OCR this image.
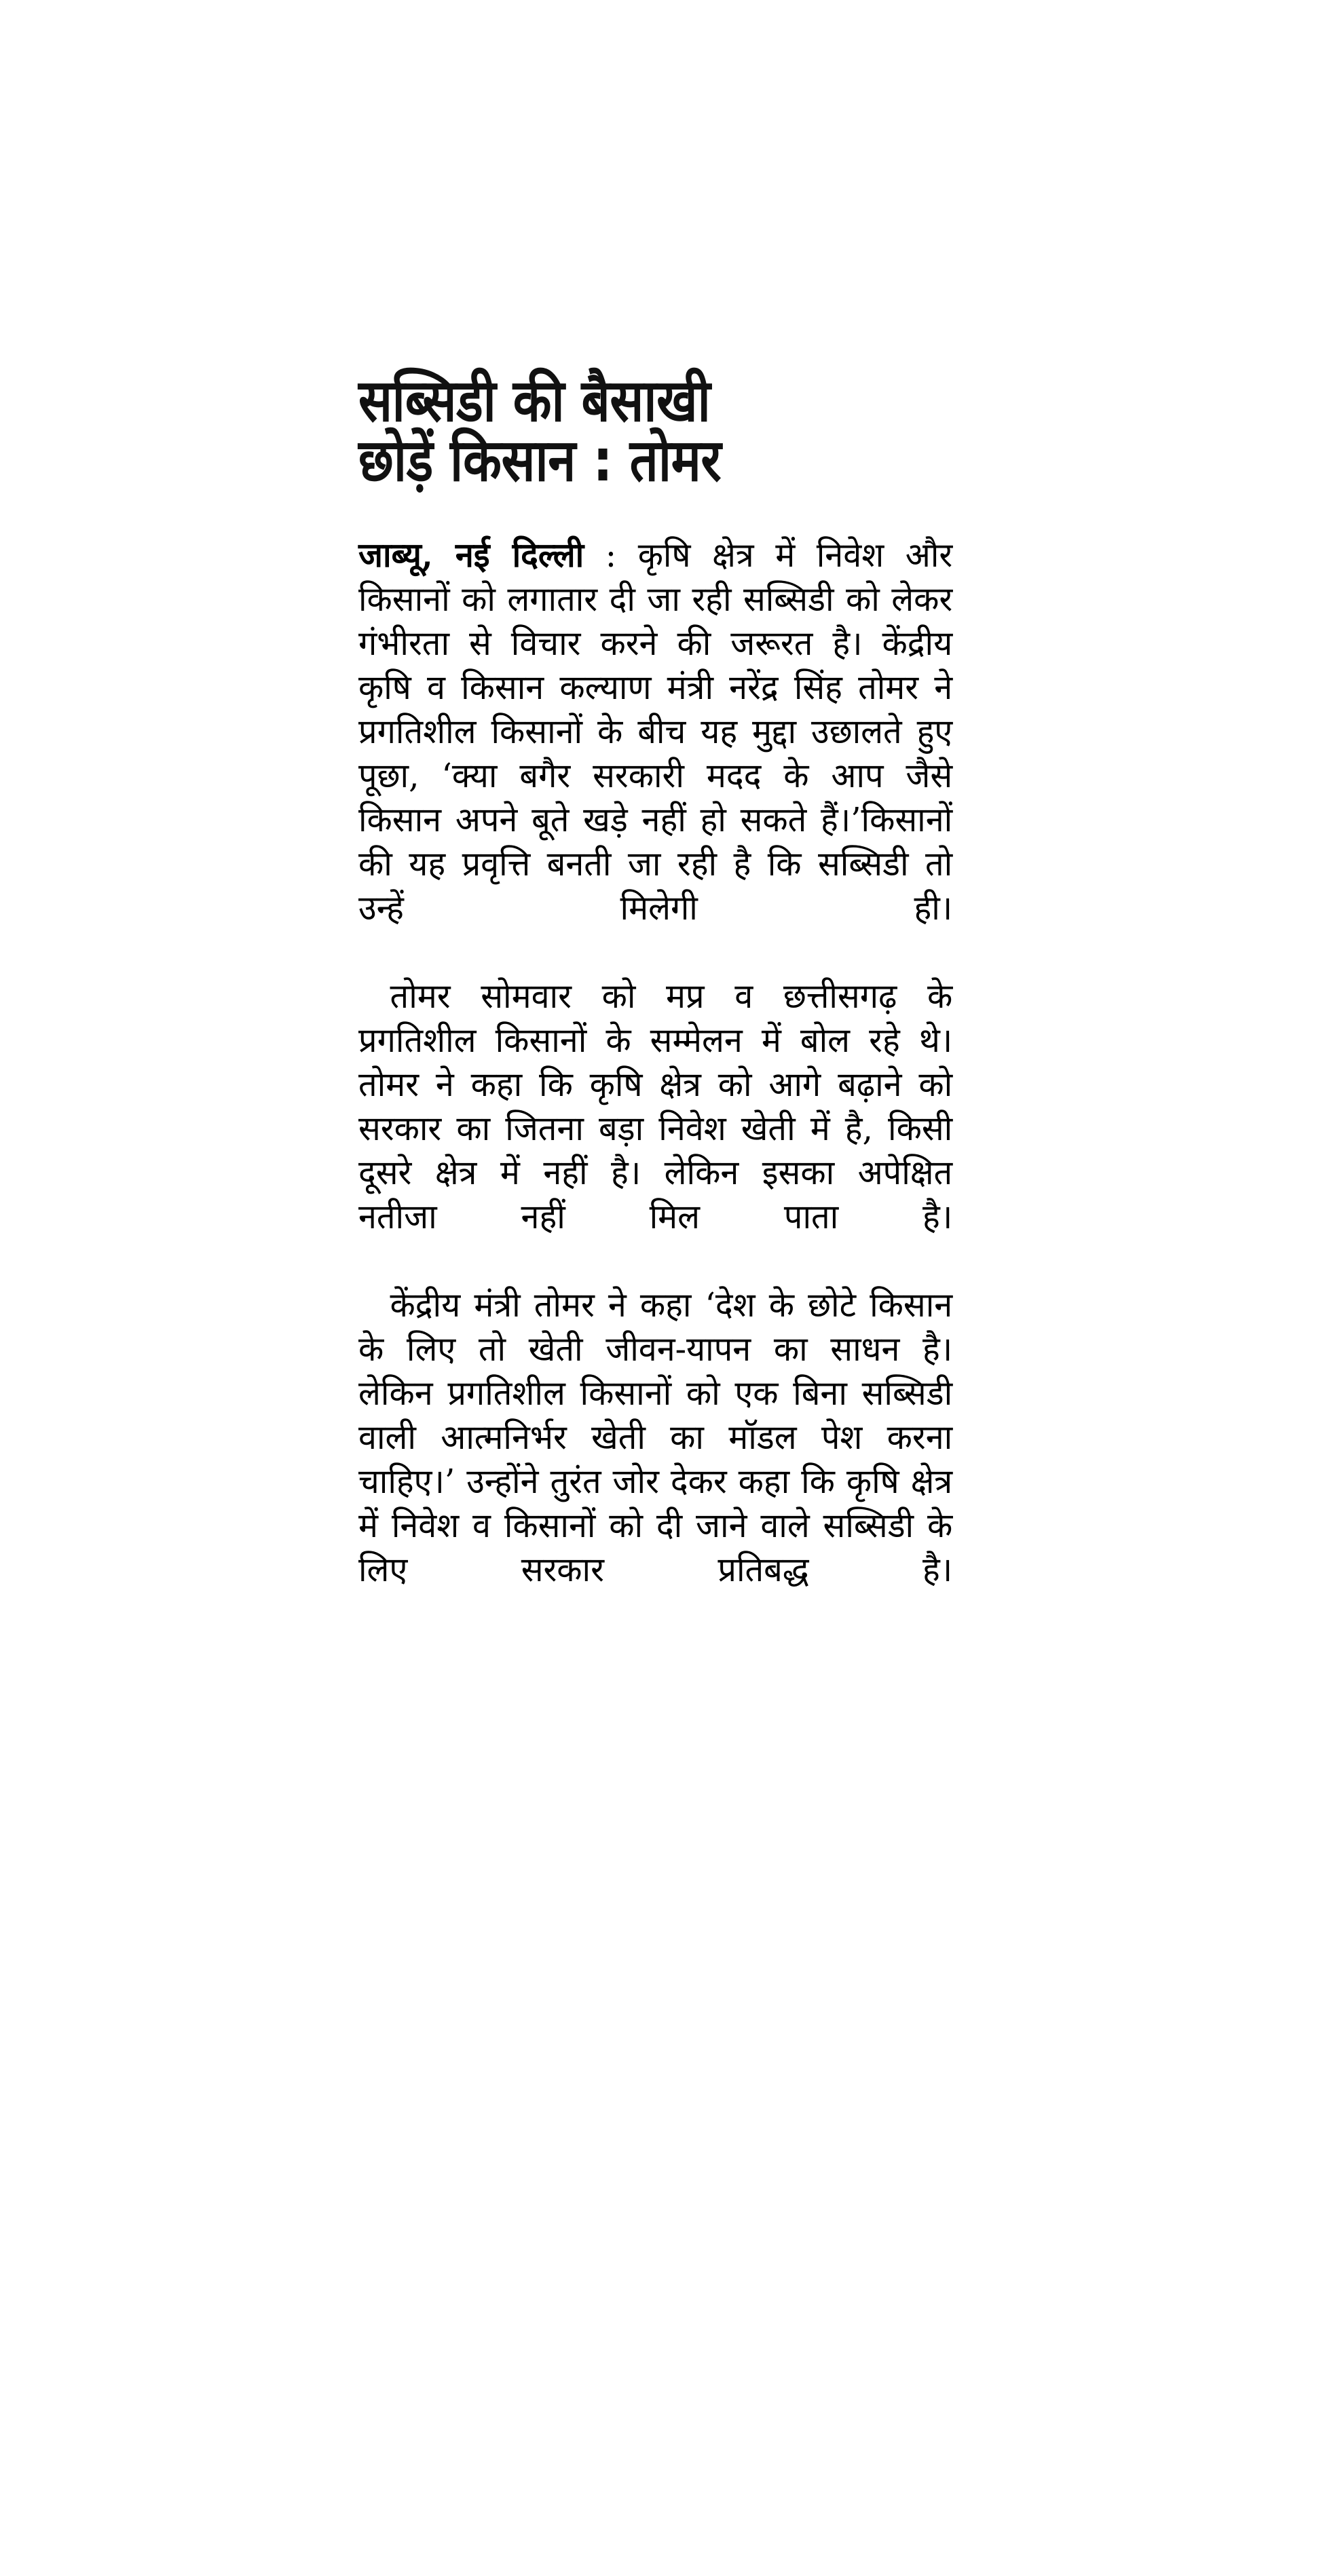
सब्सिडी की बैसाखी
छोड़ें किसान : तोमर

जाब्यू, नई दिल्ली : कृषि क्षेत्र में निवेश और किसानों को लगातार दी जा रही सब्सिडी को लेकर गंभीरता से विचार करने की जरूरत है। केंद्रीय कृषि व किसान कल्याण मंत्री नरेंद्र सिंह तोमर ने प्रगतिशील किसानों के बीच यह मुद्दा उछालते हुए पूछा, ‘क्या बगैर सरकारी मदद के आप जैसे किसान अपने बूते खड़े नहीं हो सकते हैं।’किसानों की यह प्रवृत्ति बनती जा रही है कि सब्सिडी तो उन्हें मिलेगी ही।

तोमर सोमवार को मप्र व छत्तीसगढ़ के प्रगतिशील किसानों के सम्मेलन में बोल रहे थे। तोमर ने कहा कि कृषि क्षेत्र को आगे बढ़ाने को सरकार का जितना बड़ा निवेश खेती में है, किसी दूसरे क्षेत्र में नहीं है। लेकिन इसका अपेक्षित नतीजा नहीं मिल पाता है।

केंद्रीय मंत्री तोमर ने कहा ‘देश के छोटे किसान के लिए तो खेती जीवन-यापन का साधन है। लेकिन प्रगतिशील किसानों को एक बिना सब्सिडी वाली आत्मनिर्भर खेती का मॉडल पेश करना चाहिए।’ उन्होंने तुरंत जोर देकर कहा कि कृषि क्षेत्र में निवेश व किसानों को दी जाने वाले सब्सिडी के लिए सरकार प्रतिबद्ध है।
